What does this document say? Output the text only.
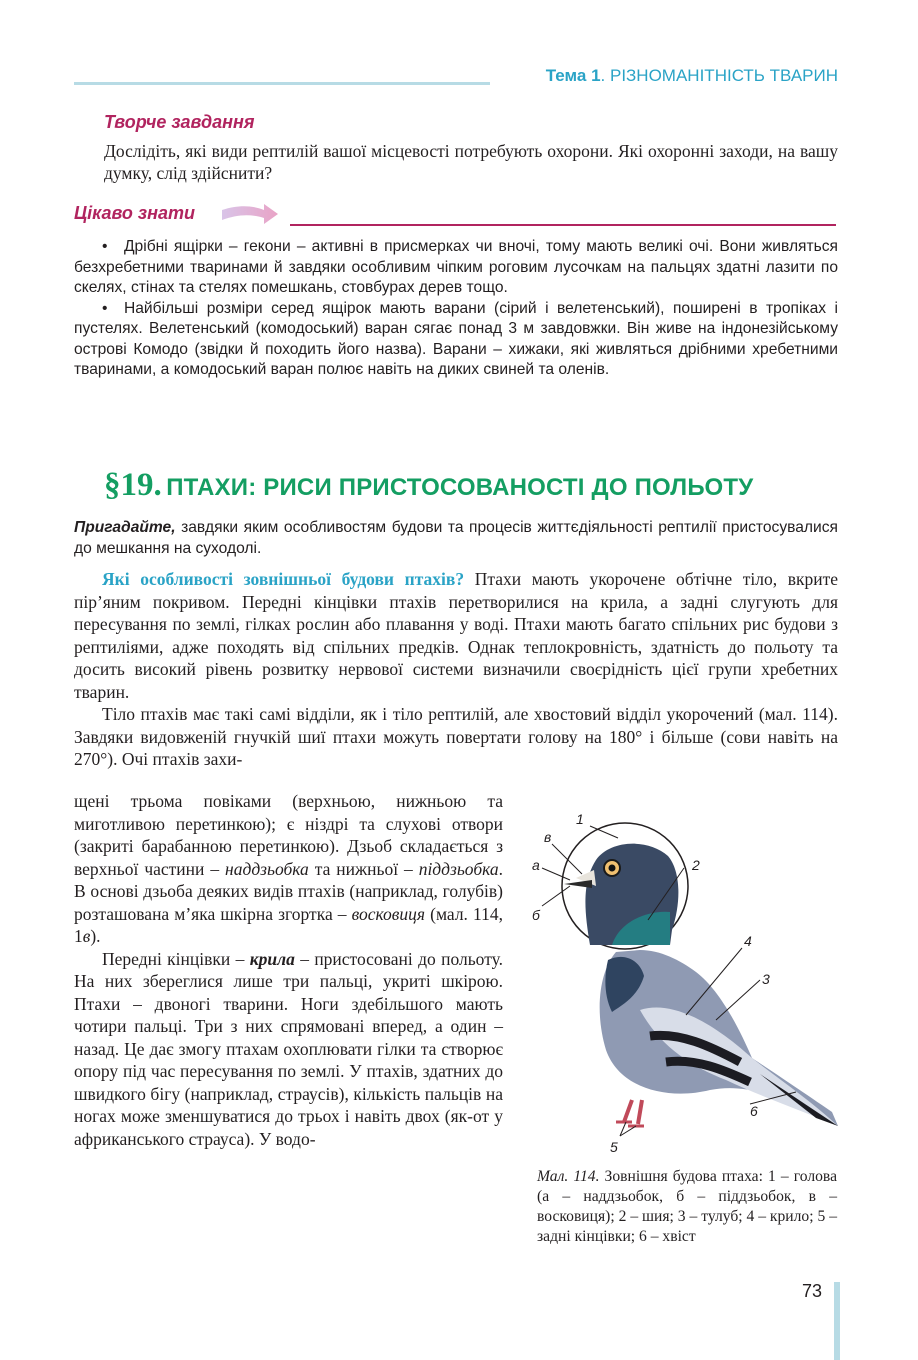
Тема 1. РІЗНОМАНІТНІСТЬ ТВАРИН
Творче завдання
Дослідіть, які види рептилій вашої місцевості потребують охорони. Які охоронні заходи, на вашу думку, слід здійснити?
Цікаво знати

• Дрібні ящірки – гекони – активні в присмерках чи вночі, тому мають великі очі. Вони живляться безхребетними тваринами й завдяки особливим чіпким роговим лусочкам на пальцях здатні лазити по скелях, стінах та стелях помешкань, стовбурах дерев тощо.

• Найбільші розміри серед ящірок мають варани (сірий і велетенський), поширені в тропіках і пустелях. Велетенський (комодоський) варан сягає понад 3 м завдовжки. Він живе на індонезійському острові Комодо (звідки й походить його назва). Варани – хижаки, які живляться дрібними хребетними тваринами, а комодоський варан полює навіть на диких свиней та оленів.

§19. ПТАХИ: РИСИ ПРИСТОСОВАНОСТІ ДО ПОЛЬОТУ
Пригадайте, завдяки яким особливостям будови та процесів життєдіяльності рептилії пристосувалися до мешкання на суходолі.

Які особливості зовнішньої будови птахів? Птахи мають укорочене обтічне тіло, вкрите пір’яним покривом. Передні кінцівки птахів перетворилися на крила, а задні слугують для пересування по землі, гілках рослин або плавання у воді. Птахи мають багато спільних рис будови з рептиліями, адже походять від спільних предків. Однак теплокровність, здатність до польоту та досить високий рівень розвитку нервової системи визначили своєрідність цієї групи хребетних тварин.

Тіло птахів має такі самі відділи, як і тіло рептилій, але хвостовий відділ укорочений (мал. 114). Завдяки видовженій гнучкій шиї птахи можуть повертати голову на 180° і більше (сови навіть на 270°). Очі птахів захи-

щені трьома повіками (верхньою, нижньою та миготливою перетинкою); є ніздрі та слухові отвори (закриті барабанною перетинкою). Дзьоб складається з верхньої частини – наддзьобка та нижньої – піддзьобка. В основі дзьоба деяких видів птахів (наприклад, голубів) розташована м’яка шкірна згортка – восковиця (мал. 114, 1в).

Передні кінцівки – крила – пристосовані до польоту. На них збереглися лише три пальці, укриті шкірою. Птахи – двоногі тварини. Ноги здебільшого мають чотири пальці. Три з них спрямовані вперед, а один – назад. Це дає змогу птахам охоплювати гілки та створює опору під час пересування по землі. У птахів, здатних до швидкого бігу (наприклад, страусів), кількість пальців на ногах може зменшуватися до трьох і навіть двох (як-от у африканського страуса). У водо-

1
2
3
4
5
6
а
б
в
Мал. 114. Зовнішня будова птаха: 1 – голова (а – наддзьобок, б – піддзьобок, в – восковиця); 2 – шия; 3 – тулуб; 4 – крило; 5 – задні кінцівки; 6 – хвіст
73
